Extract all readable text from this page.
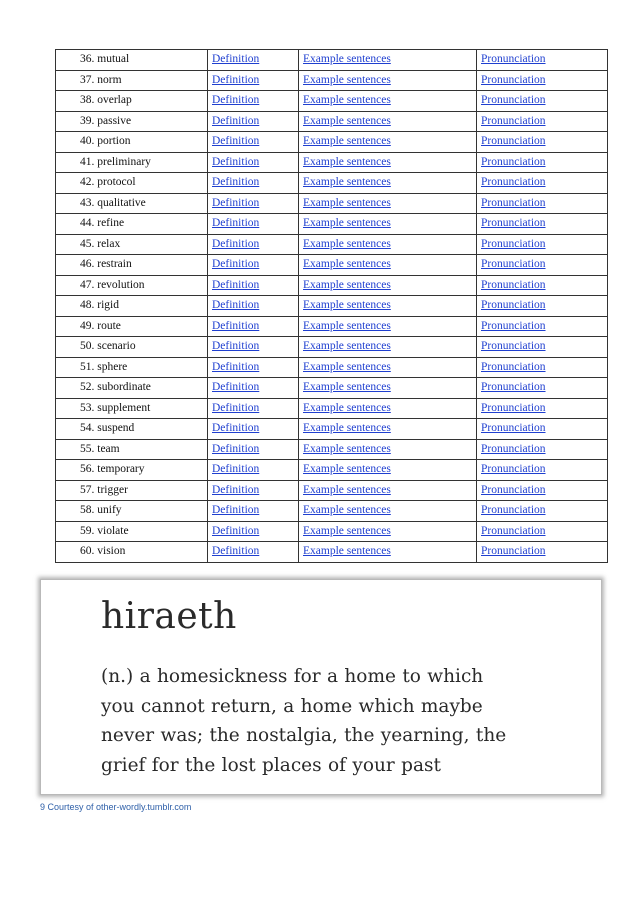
36. mutual	Definition	Example sentences	Pronunciation
37. norm	Definition	Example sentences	Pronunciation
38. overlap	Definition	Example sentences	Pronunciation
39. passive	Definition	Example sentences	Pronunciation
40. portion	Definition	Example sentences	Pronunciation
41. preliminary	Definition	Example sentences	Pronunciation
42. protocol	Definition	Example sentences	Pronunciation
43. qualitative	Definition	Example sentences	Pronunciation
44. refine	Definition	Example sentences	Pronunciation
45. relax	Definition	Example sentences	Pronunciation
46. restrain	Definition	Example sentences	Pronunciation
47. revolution	Definition	Example sentences	Pronunciation
48. rigid	Definition	Example sentences	Pronunciation
49. route	Definition	Example sentences	Pronunciation
50. scenario	Definition	Example sentences	Pronunciation
51. sphere	Definition	Example sentences	Pronunciation
52. subordinate	Definition	Example sentences	Pronunciation
53. supplement	Definition	Example sentences	Pronunciation
54. suspend	Definition	Example sentences	Pronunciation
55. team	Definition	Example sentences	Pronunciation
56. temporary	Definition	Example sentences	Pronunciation
57. trigger	Definition	Example sentences	Pronunciation
58. unify	Definition	Example sentences	Pronunciation
59. violate	Definition	Example sentences	Pronunciation
60. vision	Definition	Example sentences	Pronunciation
hiraeth

(n.) a homesickness for a home to which
you cannot return, a home which maybe
never was; the nostalgia, the yearning, the
grief for the lost places of your past

9 Courtesy of other-wordly.tumblr.com
